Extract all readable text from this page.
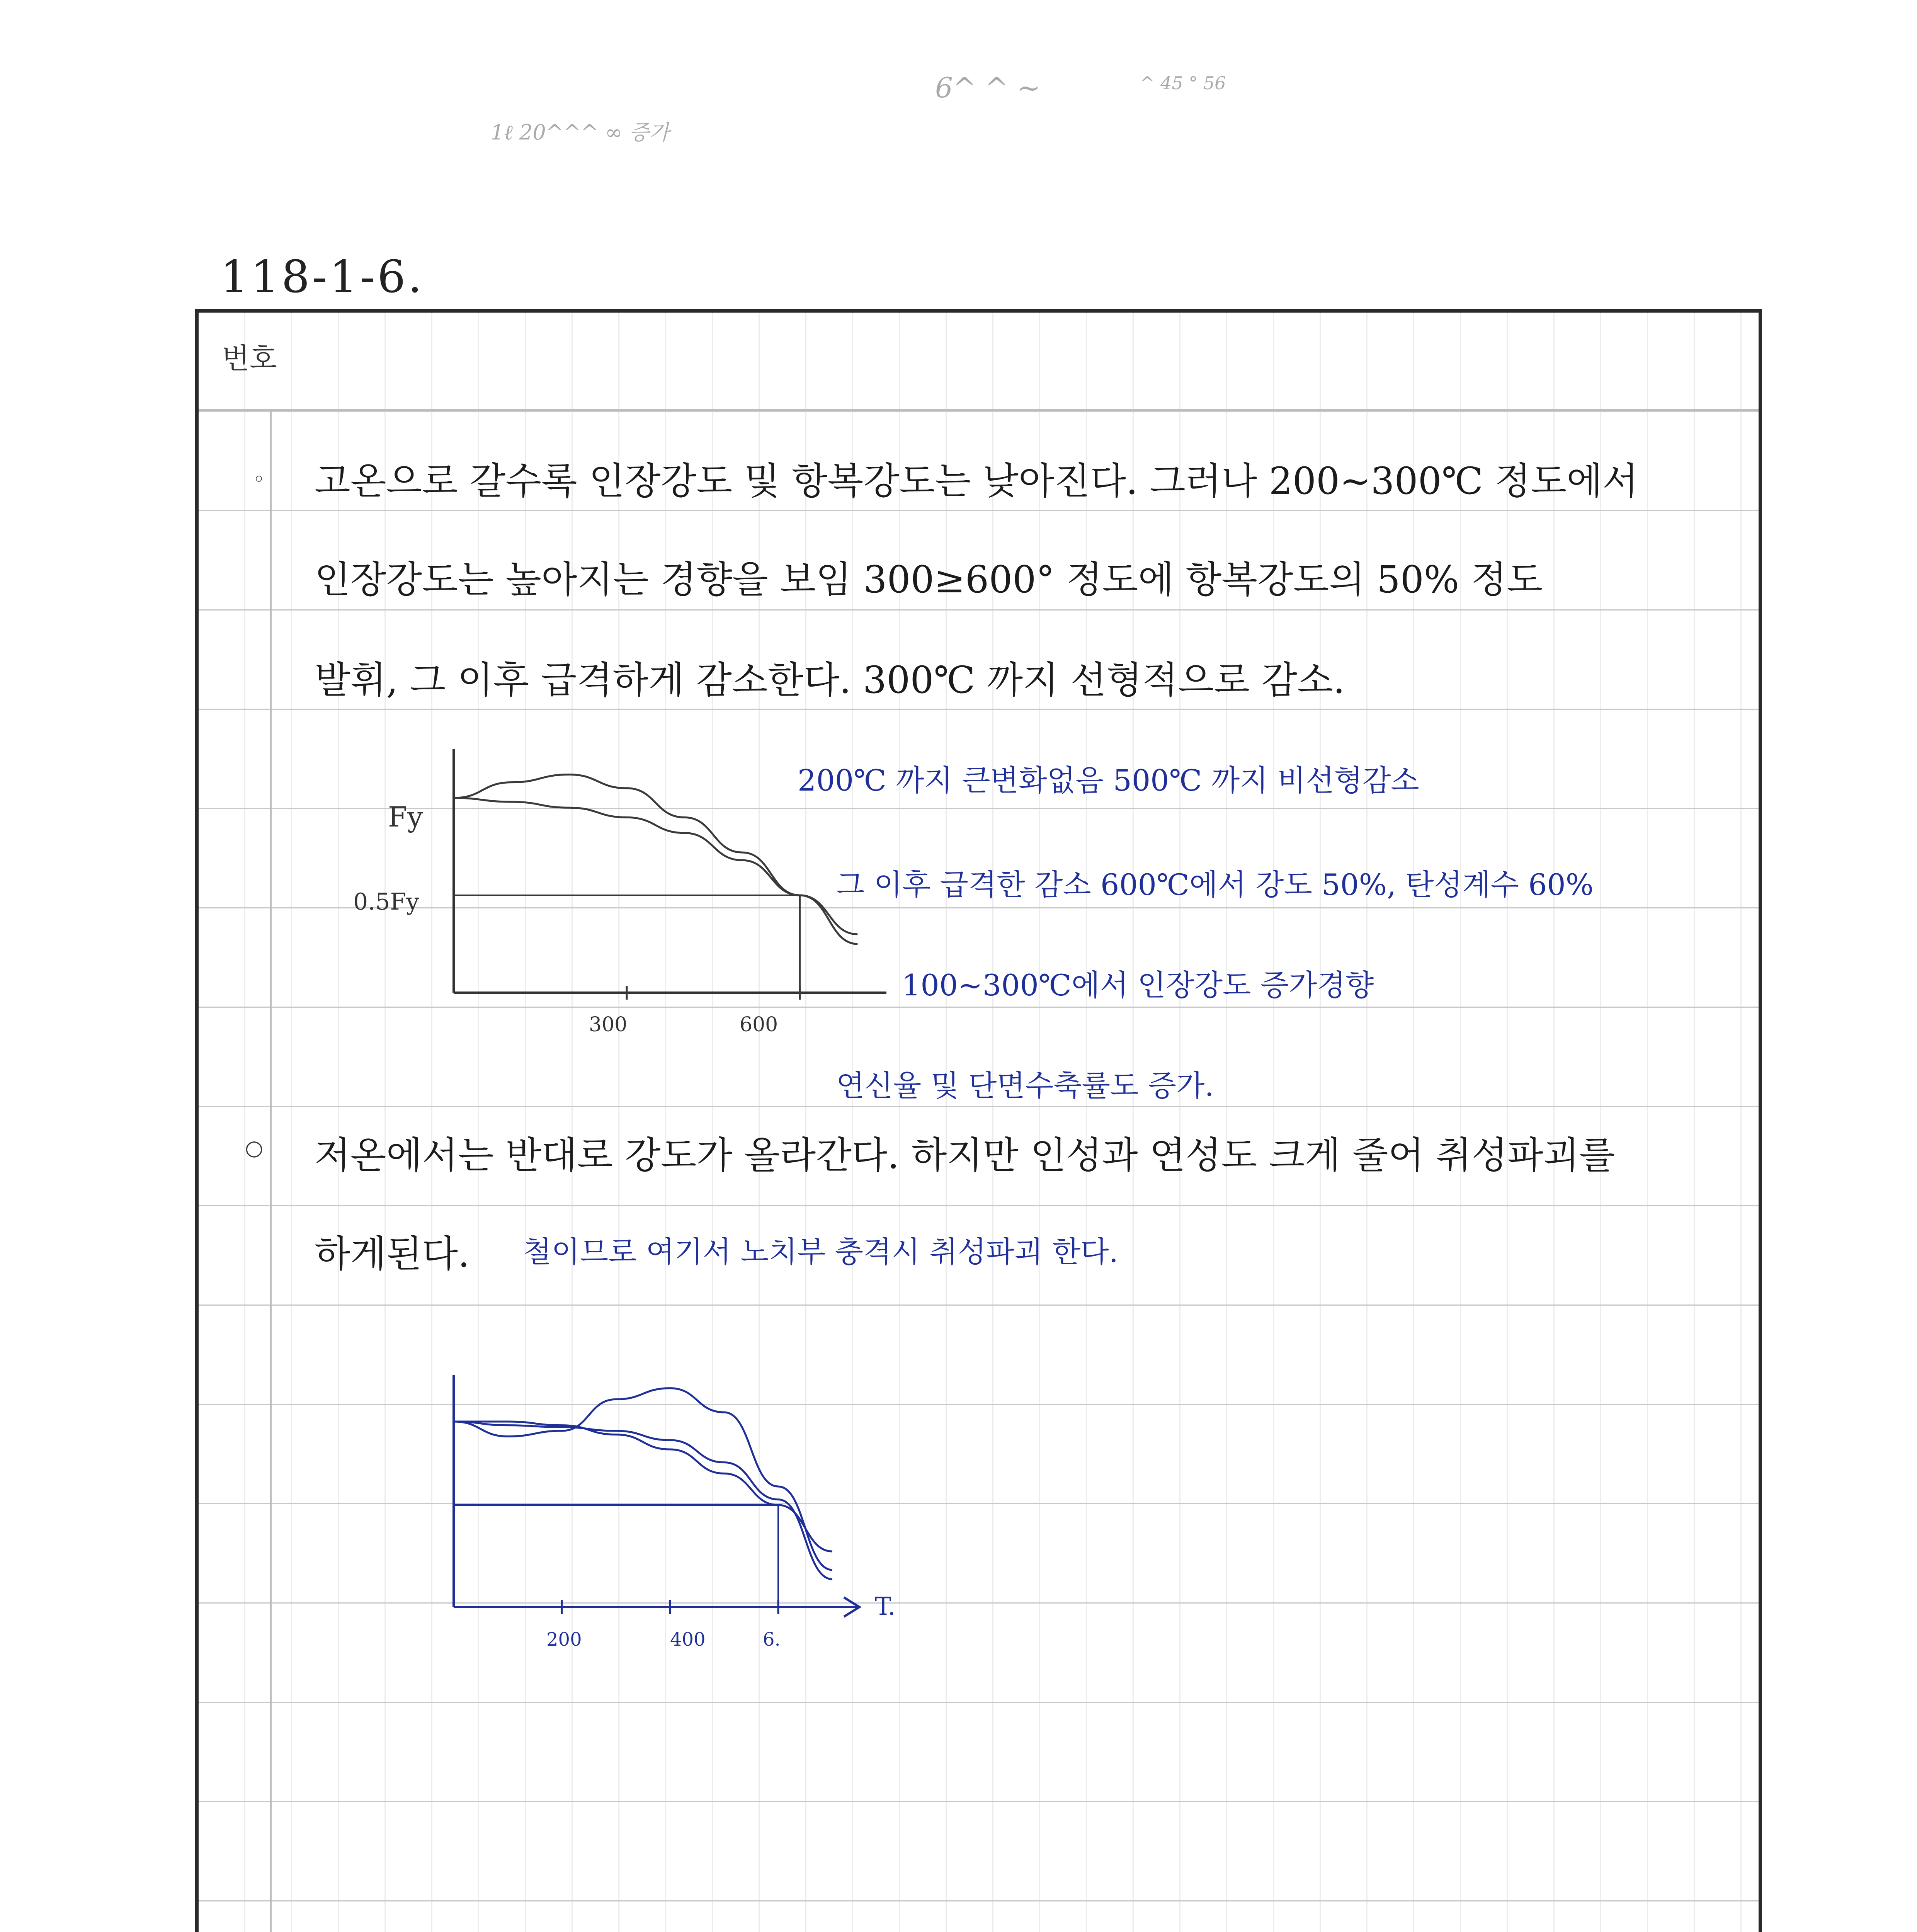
1ℓ 20^^^ ∞ 증가
6^ ^ ~	^ 45 ° 56
118-1-6.
번호
◦ 고온으로 갈수록 인장강도 및 항복강도는 낮아진다. 그러나 200~300℃ 정도에서
인장강도는 높아지는 경향을 보임 300≥600° 정도에 항복강도의 50% 정도
발휘, 그 이후 급격하게 감소한다. 300℃ 까지 선형적으로 감소.
200℃ 까지 큰변화없음 500℃ 까지 비선형감소
그 이후 급격한 감소 600℃에서 강도 50%, 탄성계수 60%
100~300℃에서 인장강도 증가경향
연신율 및 단면수축률도 증가.
Fy
0.5Fy
300	600
○ 저온에서는 반대로 강도가 올라간다. 하지만 인성과 연성도 크게 줄어 취성파괴를
하게된다. 철이므로 여기서 노치부 충격시 취성파괴 한다.
T.
200	400	6.
